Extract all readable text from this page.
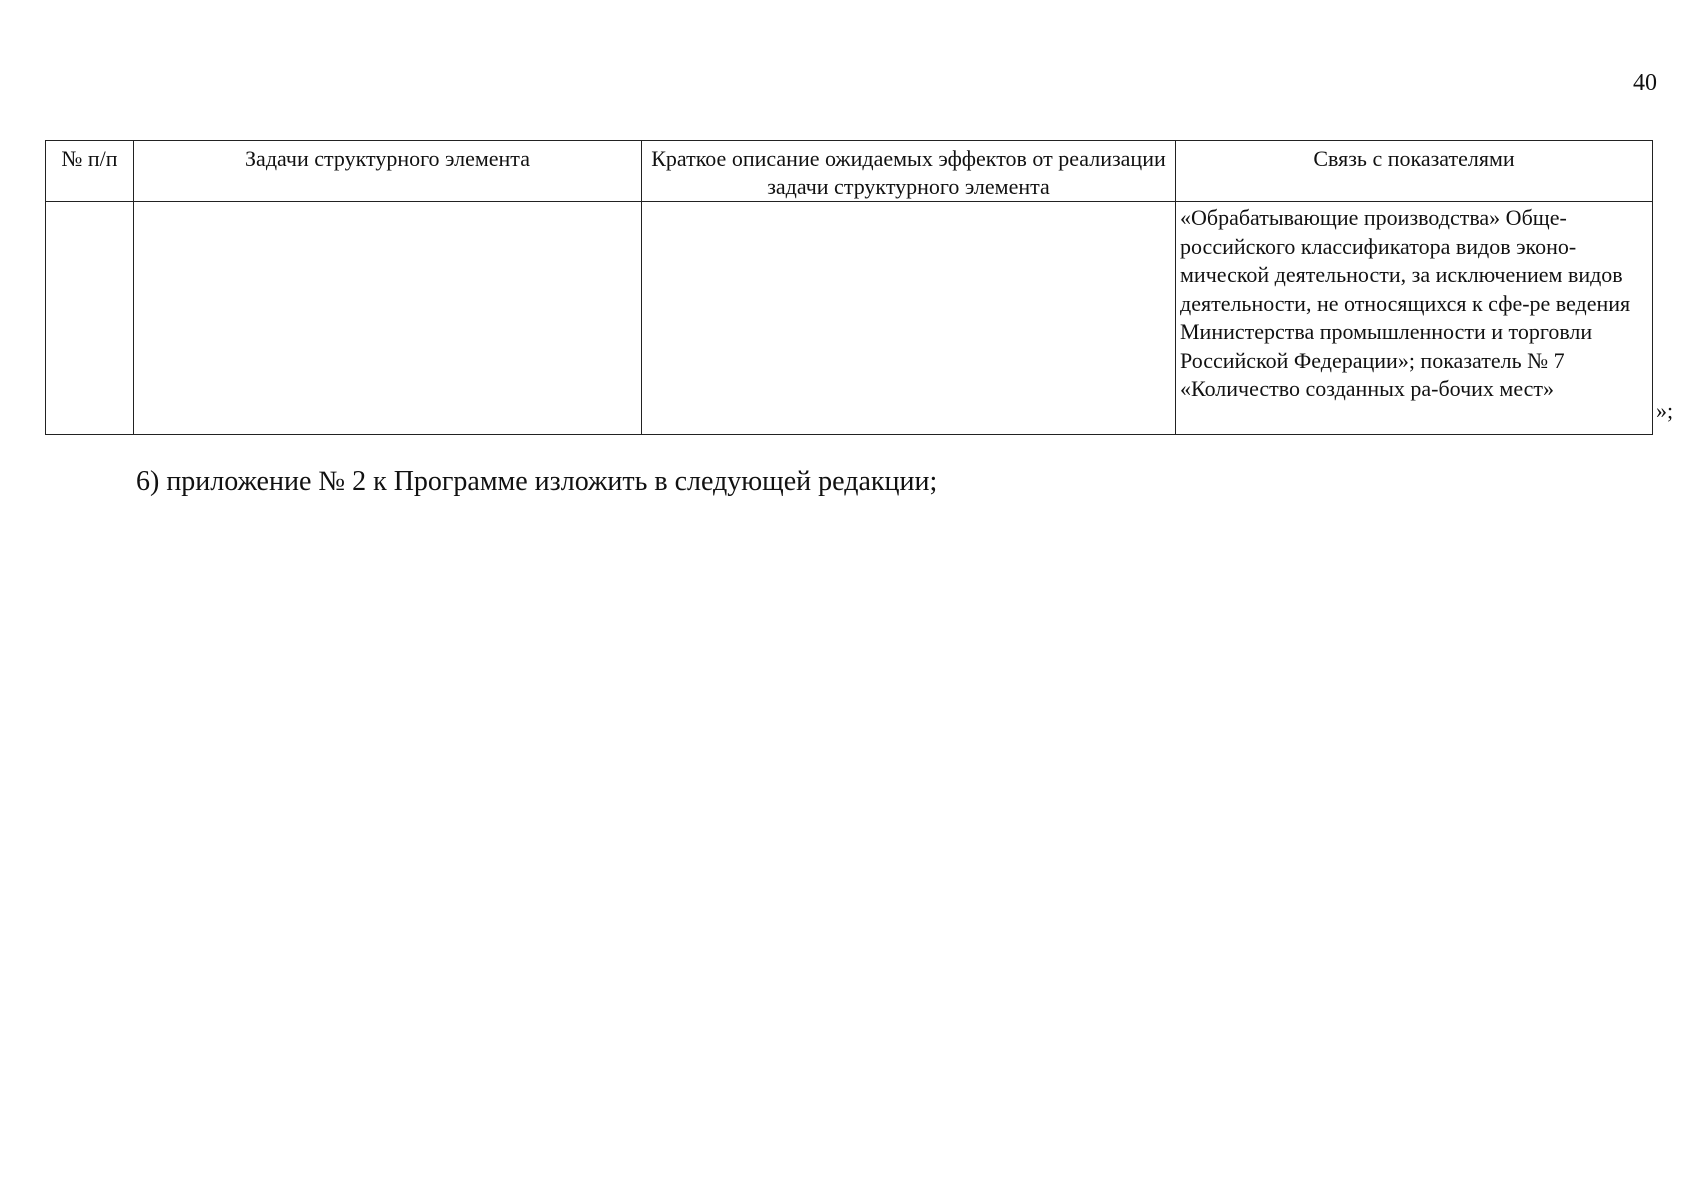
40
№ п/п	Задачи структурного элемента	Краткое описание ожидаемых эффектов от реализации задачи структурного элемента	Связь с показателями
			«Обрабатывающие производства» Обще-российского классификатора видов эконо-мической деятельности, за исключением видов деятельности, не относящихся к сфе-ре ведения Министерства промышленности и торговли Российской Федерации»; показатель № 7 «Количество созданных ра-бочих мест»
»;
6) приложение № 2 к Программе изложить в следующей редакции;
